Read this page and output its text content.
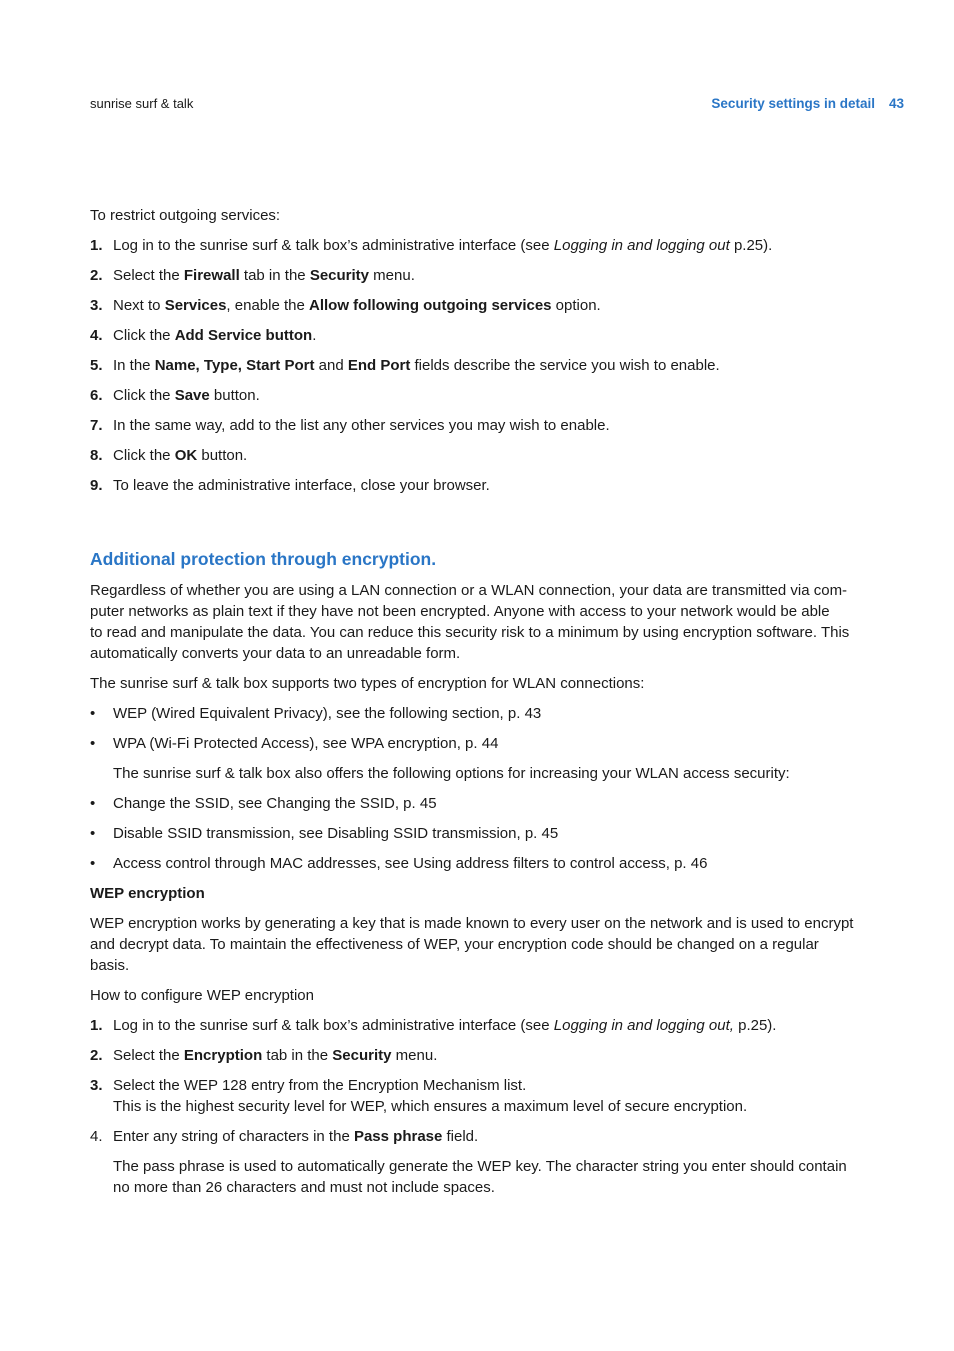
sunrise surf & talk	Security settings in detail 43

To restrict outgoing services:

1. Log in to the sunrise surf & talk box’s administrative interface (see Logging in and logging out p.25).
2. Select the Firewall tab in the Security menu.
3. Next to Services, enable the Allow following outgoing services option.
4. Click the Add Service button.
5. In the Name, Type, Start Port and End Port fields describe the service you wish to enable.
6. Click the Save button.
7. In the same way, add to the list any other services you may wish to enable.
8. Click the OK button.
9. To leave the administrative interface, close your browser.
Additional protection through encryption.

Regardless of whether you are using a LAN connection or a WLAN connection, your data are transmitted via com-
puter networks as plain text if they have not been encrypted. Anyone with access to your network would be able
to read and manipulate the data. You can reduce this security risk to a minimum by using encryption software. This
automatically converts your data to an unreadable form.

The sunrise surf & talk box supports two types of encryption for WLAN connections:

• WEP (Wired Equivalent Privacy), see the following section, p. 43
• WPA (Wi-Fi Protected Access), see WPA encryption, p. 44

The sunrise surf & talk box also offers the following options for increasing your WLAN access security:

• Change the SSID, see Changing the SSID, p. 45
• Disable SSID transmission, see Disabling SSID transmission, p. 45
• Access control through MAC addresses, see Using address filters to control access, p. 46
WEP encryption

WEP encryption works by generating a key that is made known to every user on the network and is used to encrypt
and decrypt data. To maintain the effectiveness of WEP, your encryption code should be changed on a regular
basis.

How to configure WEP encryption

1. Log in to the sunrise surf & talk box’s administrative interface (see Logging in and logging out, p.25).
2. Select the Encryption tab in the Security menu.
3. Select the WEP 128 entry from the Encryption Mechanism list.
This is the highest security level for WEP, which ensures a maximum level of secure encryption.
4. Enter any string of characters in the Pass phrase field.

The pass phrase is used to automatically generate the WEP key. The character string you enter should contain
no more than 26 characters and must not include spaces.
